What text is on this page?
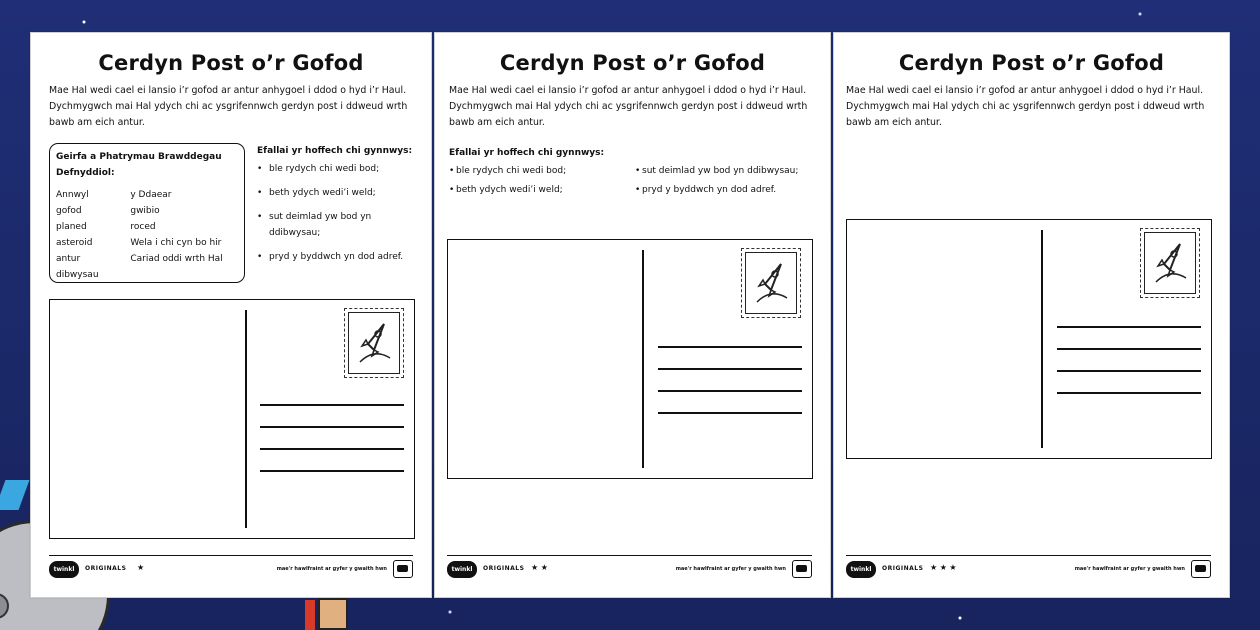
Cerdyn Post o’r Gofod
Mae Hal wedi cael ei lansio i’r gofod ar antur anhygoel i ddod o hyd i’r Haul. Dychmygwch mai Hal ydych chi ac ysgrifennwch gerdyn post i ddweud wrth bawb am eich antur.
Geirfa a Phatrymau Brawddegau Defnyddiol:
Annwyl
gofod
planed
asteroid
antur
dibwysau
y Ddaear
gwibio
roced
Wela i chi cyn bo hir
Cariad oddi wrth Hal
Efallai yr hoffech chi gynnwys:
• ble rydych chi wedi bod;
• beth ydych wedi’i weld;
• sut deimlad yw bod yn ddibwysau;
• pryd y byddwch yn dod adref.
twinkl	ORIGINALS ★	mae'r hawlfraint ar gyfer y gwaith hwn
Cerdyn Post o’r Gofod
Mae Hal wedi cael ei lansio i’r gofod ar antur anhygoel i ddod o hyd i’r Haul. Dychmygwch mai Hal ydych chi ac ysgrifennwch gerdyn post i ddweud wrth bawb am eich antur.
Efallai yr hoffech chi gynnwys:
• ble rydych chi wedi bod;	• sut deimlad yw bod yn ddibwysau;
• beth ydych wedi’i weld;	• pryd y byddwch yn dod adref.
twinkl	ORIGINALS ★ ★	mae'r hawlfraint ar gyfer y gwaith hwn
Cerdyn Post o’r Gofod
Mae Hal wedi cael ei lansio i’r gofod ar antur anhygoel i ddod o hyd i’r Haul. Dychmygwch mai Hal ydych chi ac ysgrifennwch gerdyn post i ddweud wrth bawb am eich antur.
twinkl	ORIGINALS ★ ★ ★	mae'r hawlfraint ar gyfer y gwaith hwn
